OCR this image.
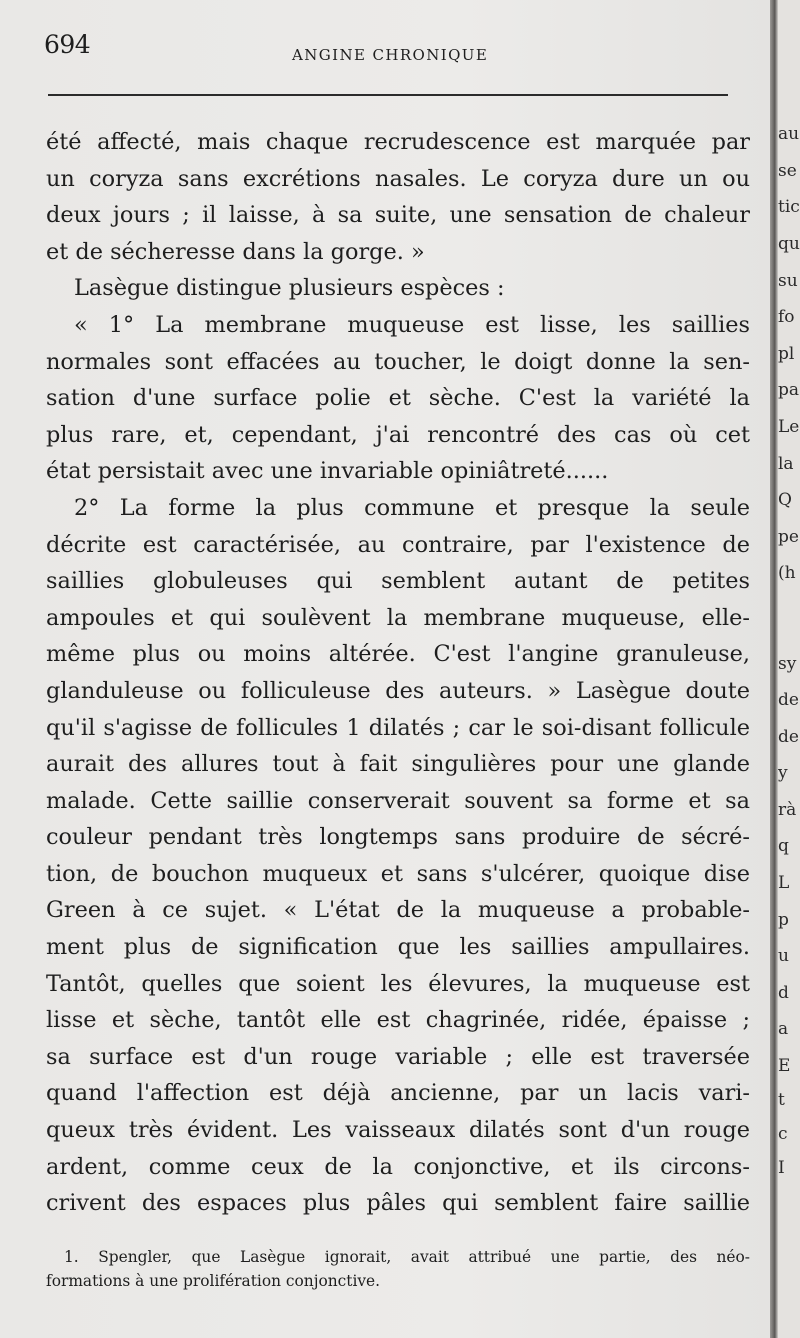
694	ANGINE CHRONIQUE
été affecté, mais chaque recrudescence est marquée par
un coryza sans excrétions nasales. Le coryza dure un ou
deux jours ; il laisse, à sa suite, une sensation de chaleur
et de sécheresse dans la gorge. »
Lasègue distingue plusieurs espèces :
« 1° La membrane muqueuse est lisse, les saillies
normales sont effacées au toucher, le doigt donne la sen-
sation d'une surface polie et sèche. C'est la variété la
plus rare, et, cependant, j'ai rencontré des cas où cet
état persistait avec une invariable opiniâtreté......
2° La forme la plus commune et presque la seule
décrite est caractérisée, au contraire, par l'existence de
saillies globuleuses qui semblent autant de petites
ampoules et qui soulèvent la membrane muqueuse, elle-
même plus ou moins altérée. C'est l'angine granuleuse,
glanduleuse ou folliculeuse des auteurs. » Lasègue doute
qu'il s'agisse de follicules 1 dilatés ; car le soi-disant follicule
aurait des allures tout à fait singulières pour une glande
malade. Cette saillie conserverait souvent sa forme et sa
couleur pendant très longtemps sans produire de sécré-
tion, de bouchon muqueux et sans s'ulcérer, quoique dise
Green à ce sujet. « L'état de la muqueuse a probable-
ment plus de signification que les saillies ampullaires.
Tantôt, quelles que soient les élevures, la muqueuse est
lisse et sèche, tantôt elle est chagrinée, ridée, épaisse ;
sa surface est d'un rouge variable ; elle est traversée
quand l'affection est déjà ancienne, par un lacis vari-
queux très évident. Les vaisseaux dilatés sont d'un rouge
ardent, comme ceux de la conjonctive, et ils circons-
crivent des espaces plus pâles qui semblent faire saillie
1. Spengler, que Lasègue ignorait, avait attribué une partie, des néo-
formations à une prolifération conjonctive.
au
se
tic
qu
su
fo
pl
pa
Le
la
Q
pe
(h
sy
de
de
y
rà
q
L
p
u
d
a
E
t
c
I
